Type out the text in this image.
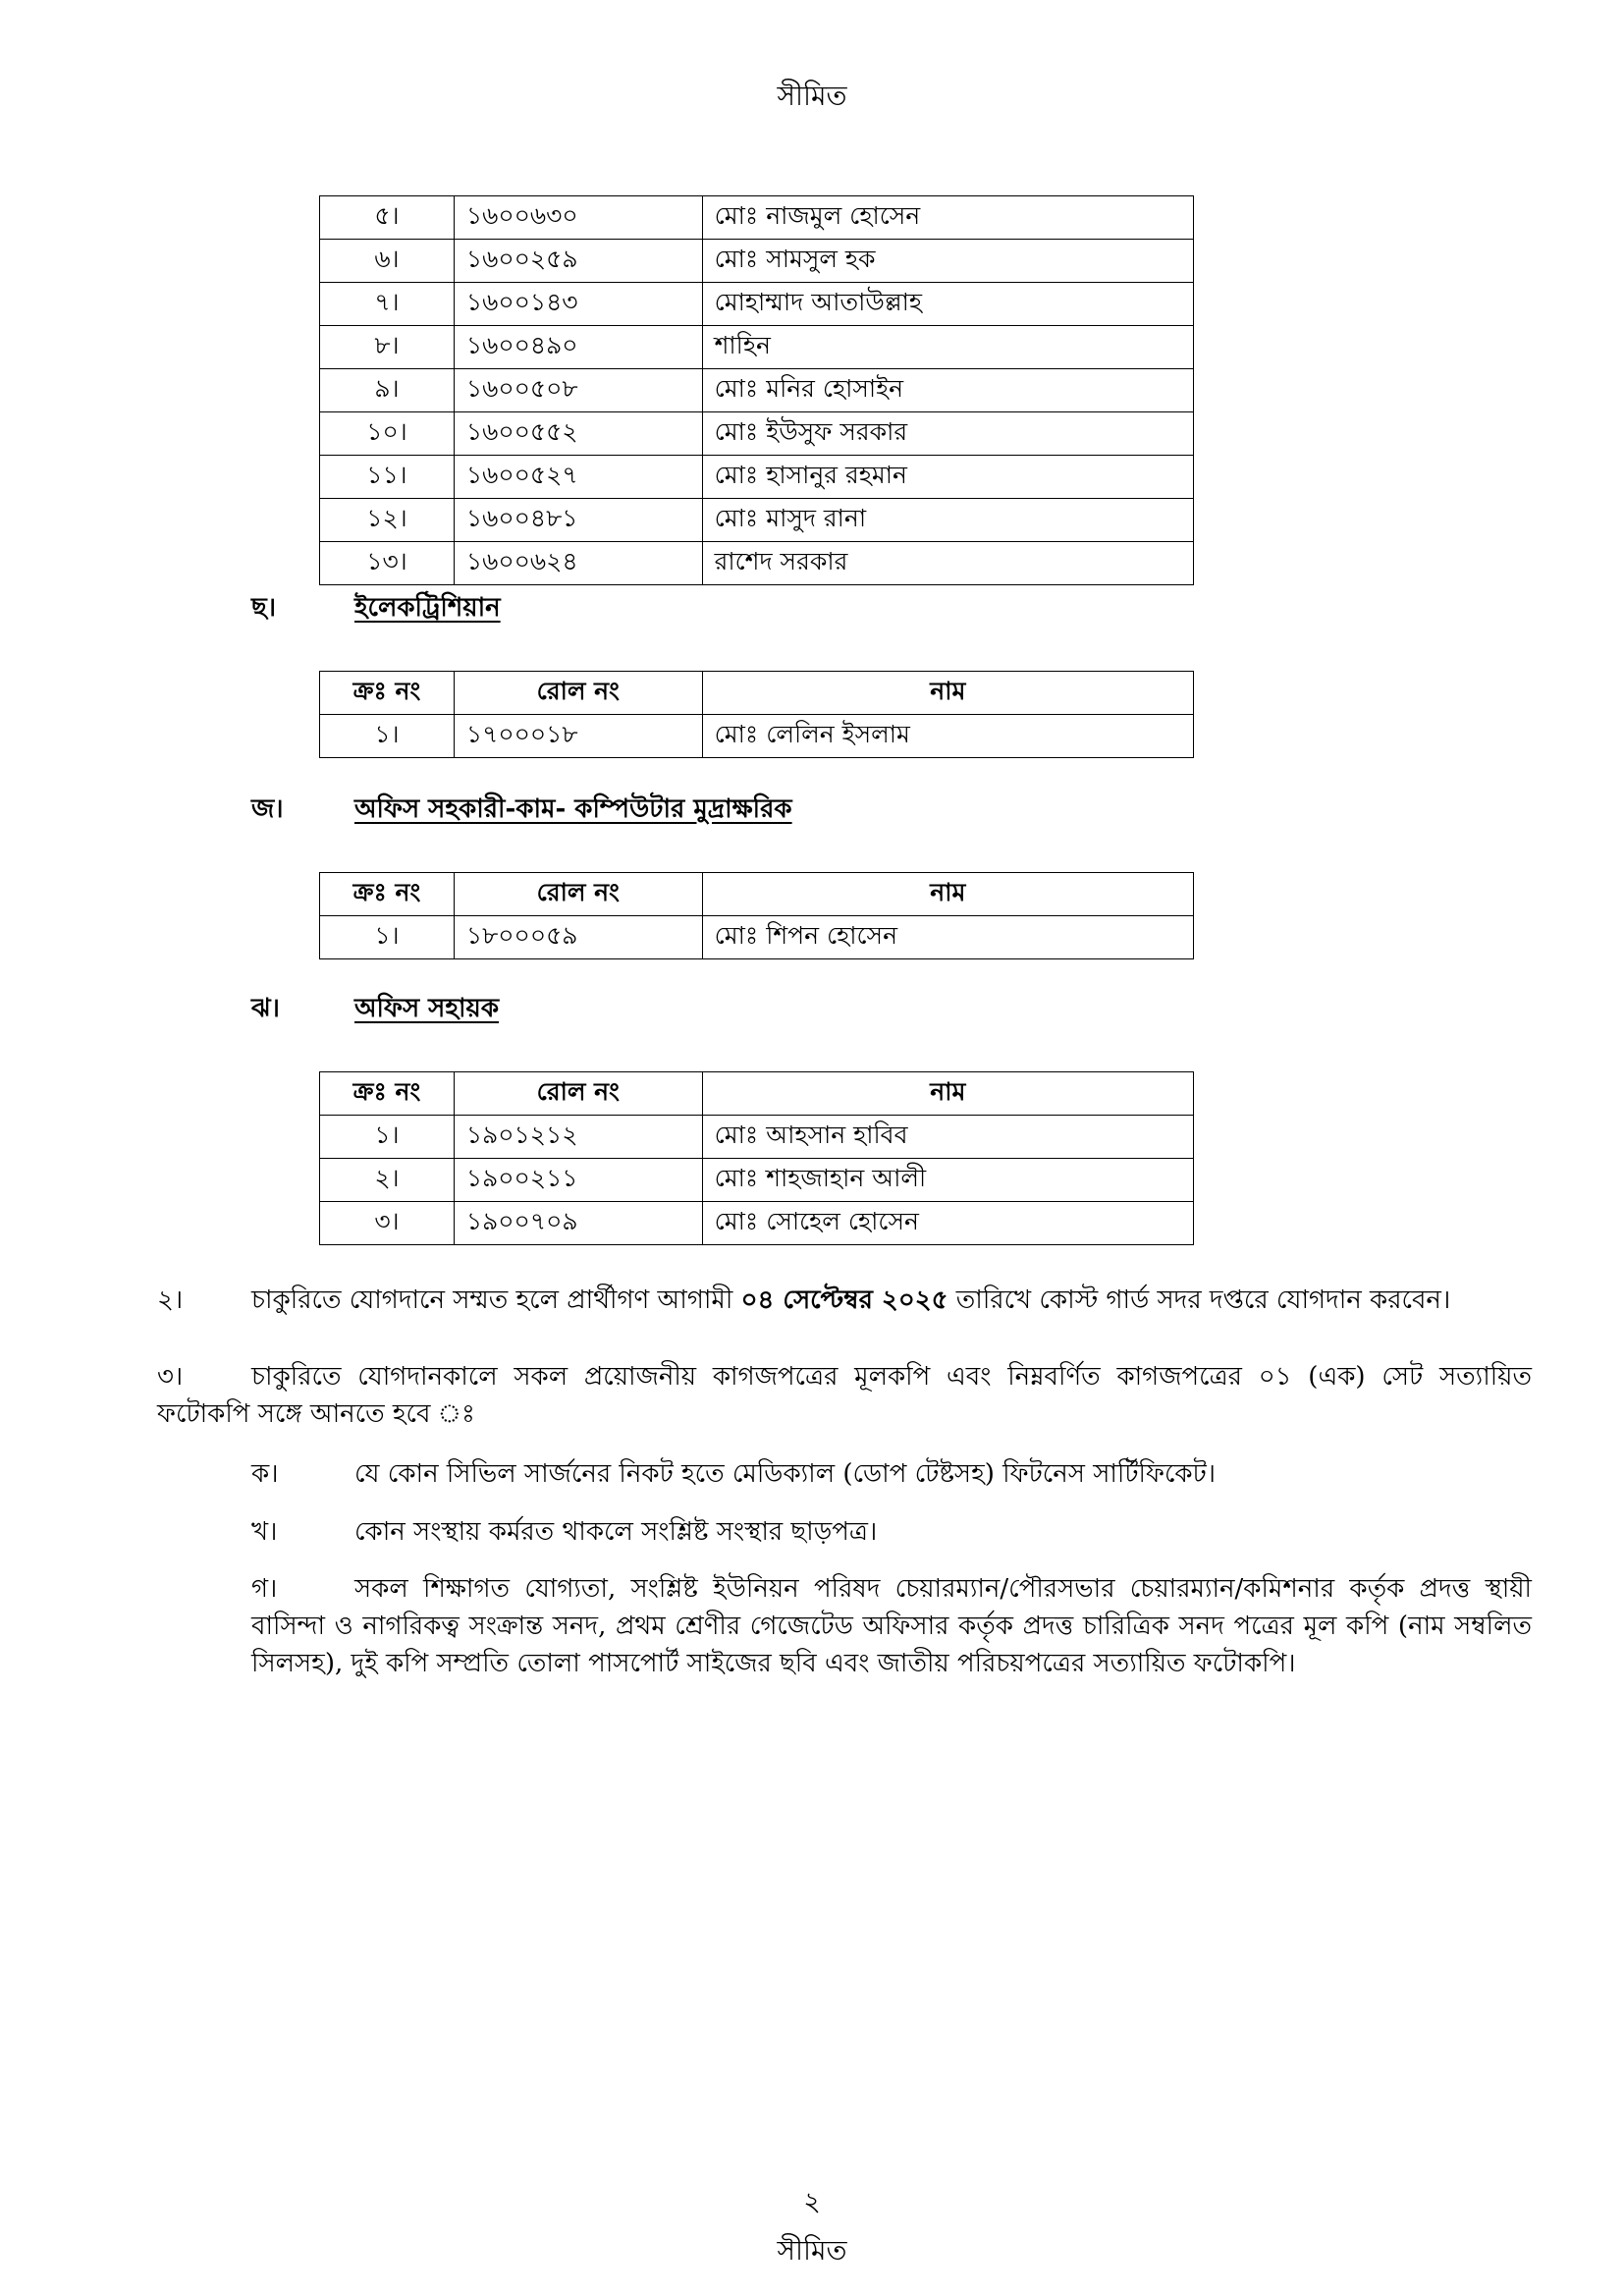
সীমিত
৫।	১৬০০৬৩০	মোঃ নাজমুল হোসেন
৬।	১৬০০২৫৯	মোঃ সামসুল হক
৭।	১৬০০১৪৩	মোহাম্মাদ আতাউল্লাহ
৮।	১৬০০৪৯০	শাহিন
৯।	১৬০০৫০৮	মোঃ মনির হোসাইন
১০।	১৬০০৫৫২	মোঃ ইউসুফ সরকার
১১।	১৬০০৫২৭	মোঃ হাসানুর রহমান
১২।	১৬০০৪৮১	মোঃ মাসুদ রানা
১৩।	১৬০০৬২৪	রাশেদ সরকার
ছ।	ইলেকট্রিশিয়ান
ক্রঃ নং	রোল নং	নাম
১।	১৭০০০১৮	মোঃ লেলিন ইসলাম
জ।	অফিস সহকারী-কাম- কম্পিউটার মুদ্রাক্ষরিক
ক্রঃ নং	রোল নং	নাম
১।	১৮০০০৫৯	মোঃ শিপন হোসেন
ঝ।	অফিস সহায়ক
ক্রঃ নং	রোল নং	নাম
১।	১৯০১২১২	মোঃ আহসান হাবিব
২।	১৯০০২১১	মোঃ শাহজাহান আলী
৩।	১৯০০৭০৯	মোঃ সোহেল হোসেন
২।	চাকুরিতে যোগদানে সম্মত হলে প্রার্থীগণ আগামী ০৪ সেপ্টেম্বর ২০২৫ তারিখে কোস্ট গার্ড সদর দপ্তরে যোগদান করবেন।
৩।	চাকুরিতে যোগদানকালে সকল প্রয়োজনীয় কাগজপত্রের মূলকপি এবং নিম্নবর্ণিত কাগজপত্রের ০১ (এক) সেট সত্যায়িত ফটোকপি সঙ্গে আনতে হবে ঃ
ক।	যে কোন সিভিল সার্জনের নিকট হতে মেডিক্যাল (ডোপ টেষ্টসহ) ফিটনেস সার্টিফিকেট।
খ।	কোন সংস্থায় কর্মরত থাকলে সংশ্লিষ্ট সংস্থার ছাড়পত্র।
গ।	সকল শিক্ষাগত যোগ্যতা, সংশ্লিষ্ট ইউনিয়ন পরিষদ চেয়ারম্যান/পৌরসভার চেয়ারম্যান/কমিশনার কর্তৃক প্রদত্ত স্থায়ী বাসিন্দা ও নাগরিকত্ব সংক্রান্ত সনদ, প্রথম শ্রেণীর গেজেটেড অফিসার কর্তৃক প্রদত্ত চারিত্রিক সনদ পত্রের মূল কপি (নাম সম্বলিত সিলসহ), দুই কপি সম্প্রতি তোলা পাসপোর্ট সাইজের ছবি এবং জাতীয় পরিচয়পত্রের সত্যায়িত ফটোকপি।
২
সীমিত
